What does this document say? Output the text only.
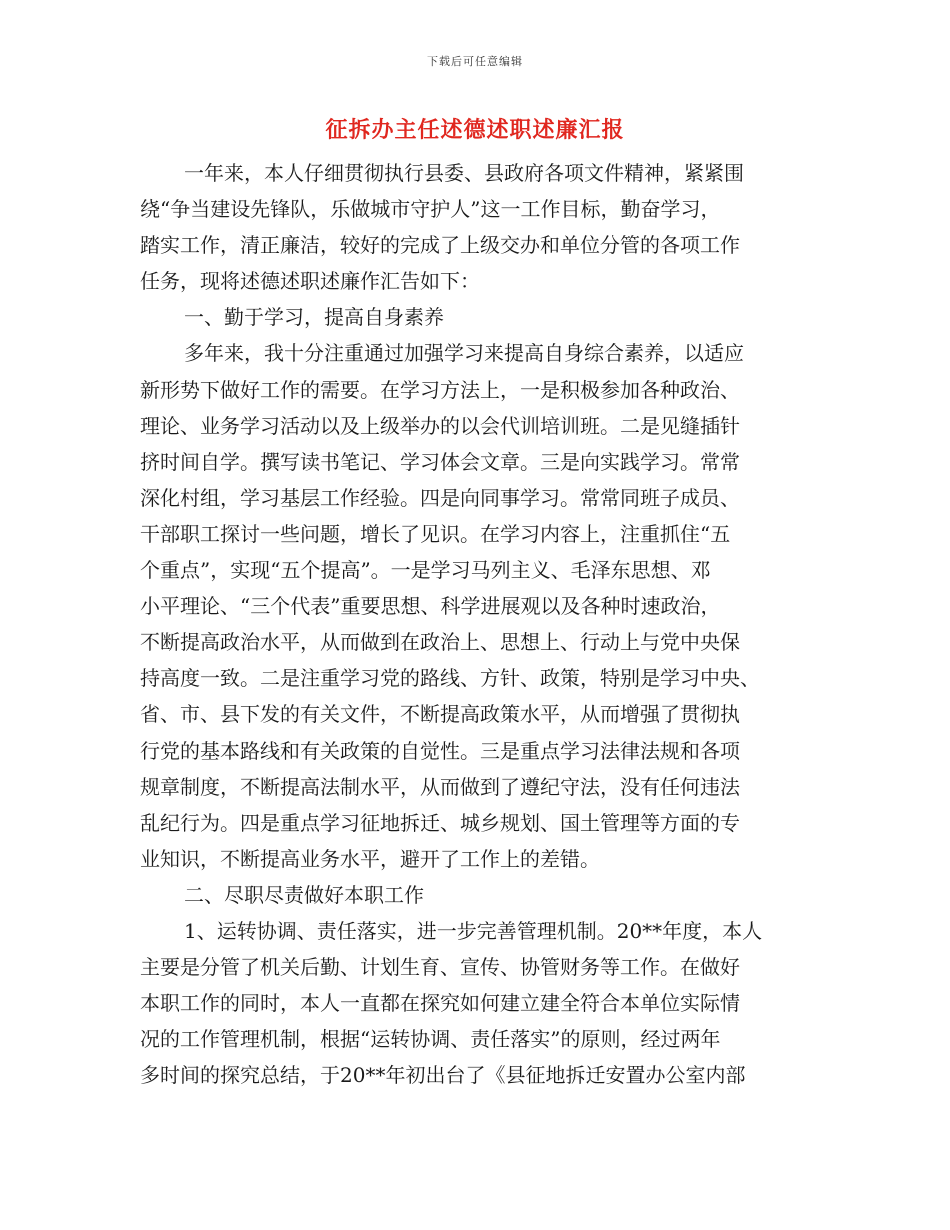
下载后可任意编辑
征拆办主任述德述职述廉汇报
一年来，本人仔细贯彻执行县委、县政府各项文件精神，紧紧围
绕“争当建设先锋队，乐做城市守护人”这一工作目标，勤奋学习，
踏实工作，清正廉洁，较好的完成了上级交办和单位分管的各项工作
任务，现将述德述职述廉作汇告如下：
一、勤于学习，提高自身素养
多年来，我十分注重通过加强学习来提高自身综合素养，以适应
新形势下做好工作的需要。在学习方法上，一是积极参加各种政治、
理论、业务学习活动以及上级举办的以会代训培训班。二是见缝插针
挤时间自学。撰写读书笔记、学习体会文章。三是向实践学习。常常
深化村组，学习基层工作经验。四是向同事学习。常常同班子成员、
干部职工探讨一些问题，增长了见识。在学习内容上，注重抓住“五
个重点”，实现“五个提高”。一是学习马列主义、毛泽东思想、邓
小平理论、“三个代表”重要思想、科学进展观以及各种时速政治，
不断提高政治水平，从而做到在政治上、思想上、行动上与党中央保
持高度一致。二是注重学习党的路线、方针、政策，特别是学习中央、
省、市、县下发的有关文件，不断提高政策水平，从而增强了贯彻执
行党的基本路线和有关政策的自觉性。三是重点学习法律法规和各项
规章制度，不断提高法制水平，从而做到了遵纪守法，没有任何违法
乱纪行为。四是重点学习征地拆迁、城乡规划、国土管理等方面的专
业知识，不断提高业务水平，避开了工作上的差错。
二、尽职尽责做好本职工作
1、运转协调、责任落实，进一步完善管理机制。20**年度，本人
主要是分管了机关后勤、计划生育、宣传、协管财务等工作。在做好
本职工作的同时，本人一直都在探究如何建立建全符合本单位实际情
况的工作管理机制，根据“运转协调、责任落实”的原则，经过两年
多时间的探究总结，于20**年初出台了《县征地拆迁安置办公室内部
